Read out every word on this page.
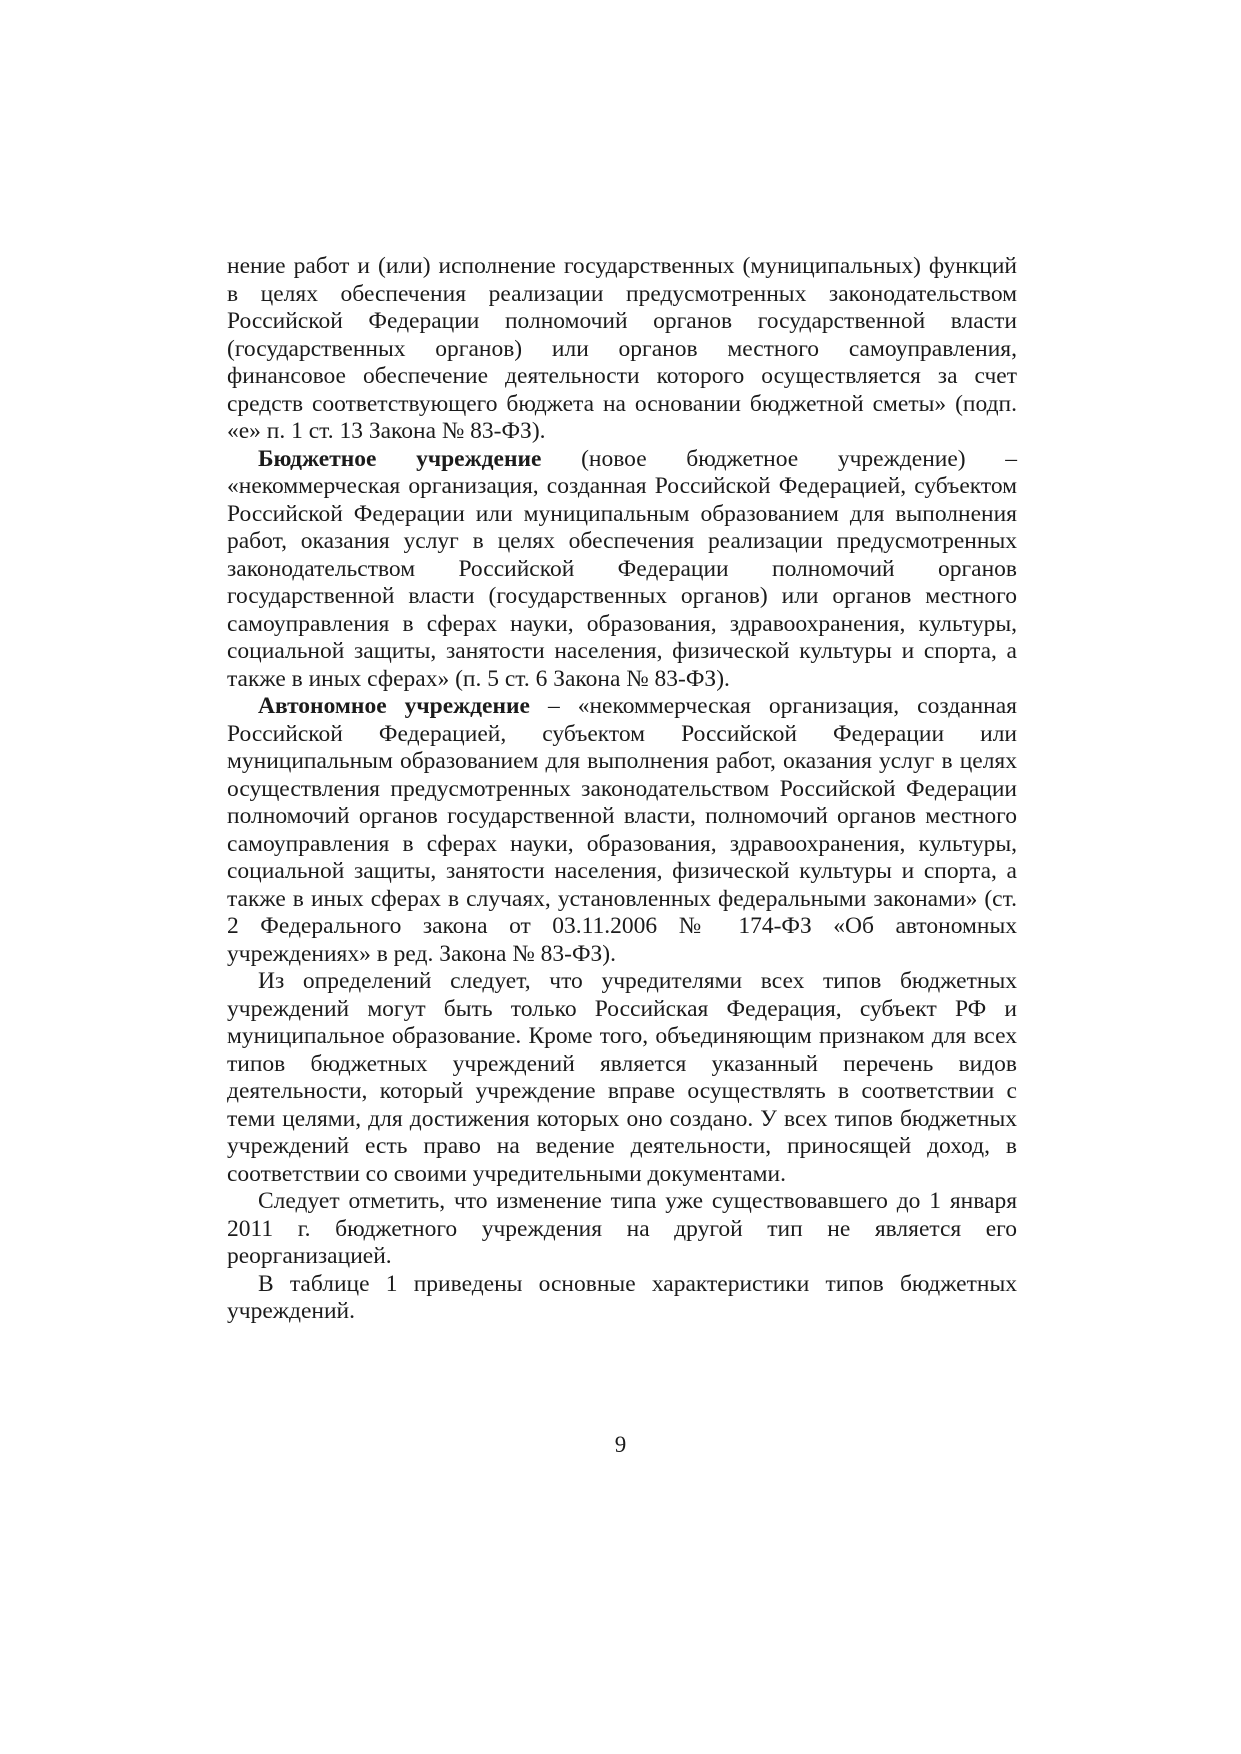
нение работ и (или) исполнение государственных (муниципальных) функций в целях обеспечения реализации предусмотренных законодательством Российской Федерации полномочий органов государственной власти (государственных органов) или органов местного самоуправления, финансовое обеспечение деятельности которого осуществляется за счет средств соответствующего бюджета на основании бюджетной сметы» (подп. «е» п. 1 ст. 13 Закона № 83-ФЗ).

Бюджетное учреждение (новое бюджетное учреждение) – «некоммерческая организация, созданная Российской Федерацией, субъектом Российской Федерации или муниципальным образованием для выполнения работ, оказания услуг в целях обеспечения реализации предусмотренных законодательством Российской Федерации полномочий органов государственной власти (государственных органов) или органов местного самоуправления в сферах науки, образования, здравоохранения, культуры, социальной защиты, занятости населения, физической культуры и спорта, а также в иных сферах» (п. 5 ст. 6 Закона № 83-ФЗ).

Автономное учреждение – «некоммерческая организация, созданная Российской Федерацией, субъектом Российской Федерации или муниципальным образованием для выполнения работ, оказания услуг в целях осуществления предусмотренных законодательством Российской Федерации полномочий органов государственной власти, полномочий органов местного самоуправления в сферах науки, образования, здравоохранения, культуры, социальной защиты, занятости населения, физической культуры и спорта, а также в иных сферах в случаях, установленных федеральными законами» (ст. 2 Федерального закона от 03.11.2006 № 174-ФЗ «Об автономных учреждениях» в ред. Закона № 83-ФЗ).

Из определений следует, что учредителями всех типов бюджетных учреждений могут быть только Российская Федерация, субъект РФ и муниципальное образование. Кроме того, объединяющим признаком для всех типов бюджетных учреждений является указанный перечень видов деятельности, который учреждение вправе осуществлять в соответствии с теми целями, для достижения которых оно создано. У всех типов бюджетных учреждений есть право на ведение деятельности, приносящей доход, в соответствии со своими учредительными документами.

Следует отметить, что изменение типа уже существовавшего до 1 января 2011 г. бюджетного учреждения на другой тип не является его реорганизацией.

В таблице 1 приведены основные характеристики типов бюджетных учреждений.

9
